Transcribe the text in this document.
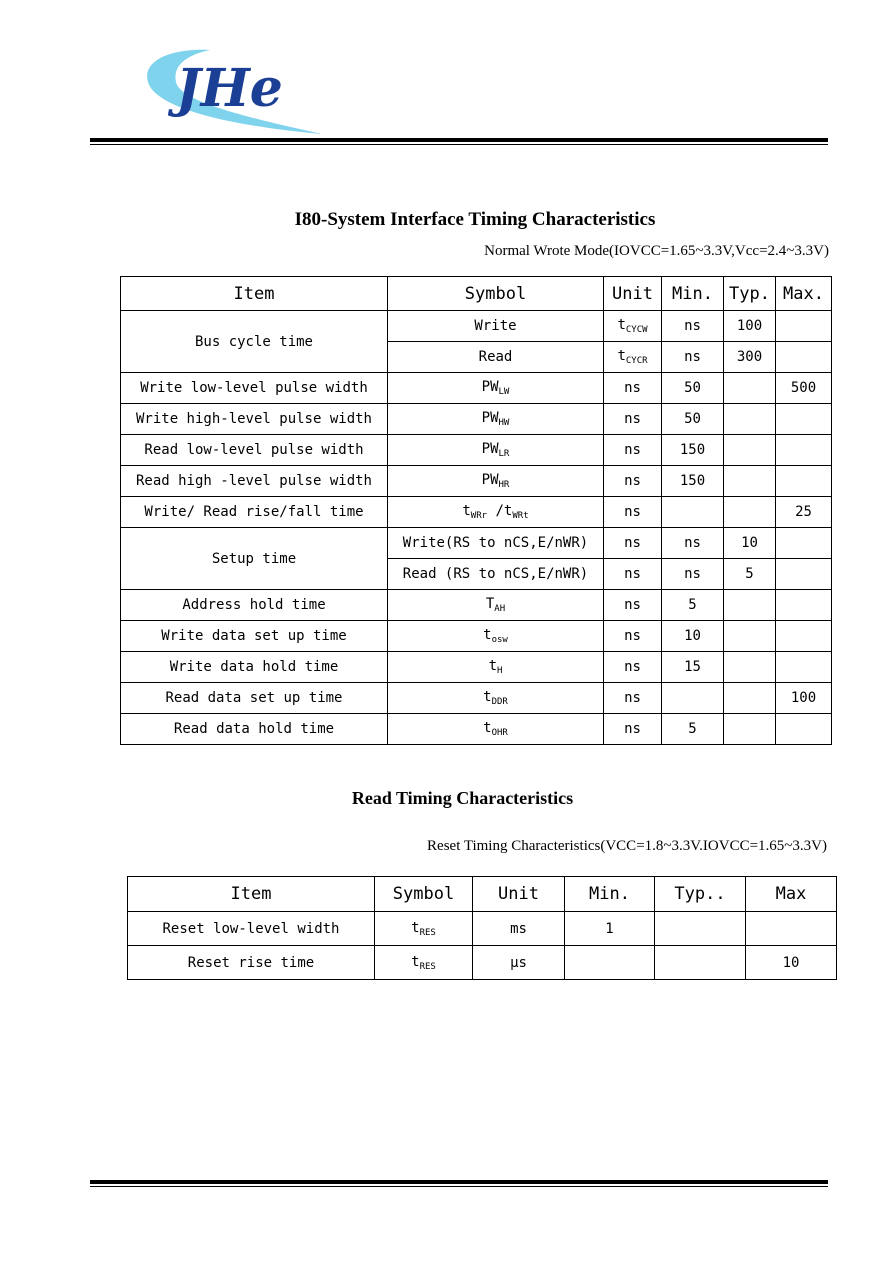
JHe
I80-System Interface Timing Characteristics
Normal Wrote Mode(IOVCC=1.65~3.3V,Vcc=2.4~3.3V)
Item	Symbol	Unit	Min.	Typ.	Max.
Bus cycle time	Write	$t_{CYCW}$	ns	100	
	Read	$t_{CYCR}$	ns	300	
Write low-level pulse width	$PW_{LW}$	ns	50		500
Write high-level pulse width	$PW_{HW}$	ns	50		
Read low-level pulse width	$PW_{LR}$	ns	150		
Read high -level pulse width	$PW_{HR}$	ns	150		
Write/ Read rise/fall time	$t_{WRr}$ $/t_{WRt}$	ns			25
Setup time	Write(RS to nCS,E/nWR)	ns	ns	10	
	Read (RS to nCS,E/nWR)	ns	ns	5	
Address hold time	$T_{AH}$	ns	5		
Write data set up time	$t_{osw}$	ns	10		
Write data hold time	$t_H$	ns	15		
Read data set up time	$t_{DDR}$	ns			100
Read data hold time	$t_{OHR}$	ns	5		
Read Timing Characteristics
Reset Timing Characteristics(VCC=1.8~3.3V.IOVCC=1.65~3.3V)
Item	Symbol	Unit	Min.	Typ..	Max
Reset low-level width	$t_{RES}$	ms	1		
Reset rise time	$t_{RES}$	μs			10
